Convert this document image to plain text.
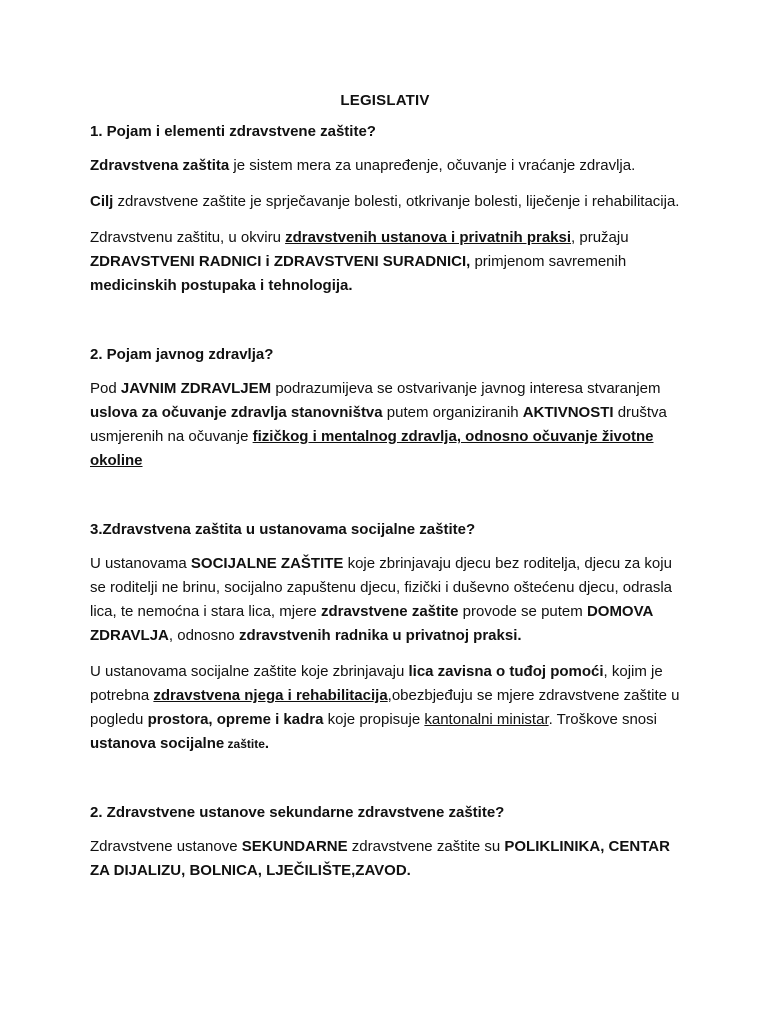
LEGISLATIV
1. Pojam i elementi zdravstvene zaštite?

Zdravstvena zaštita je sistem mera za unapređenje, očuvanje i vraćanje zdravlja.

Cilj zdravstvene zaštite je sprječavanje bolesti, otkrivanje bolesti, liječenje i rehabilitacija.

Zdravstvenu zaštitu, u okviru zdravstvenih ustanova i privatnih praksi, pružaju ZDRAVSTVENI RADNICI i ZDRAVSTVENI SURADNICI, primjenom savremenih medicinskih postupaka i tehnologija.

2. Pojam javnog zdravlja?

Pod JAVNIM ZDRAVLJEM podrazumijeva se ostvarivanje javnog interesa stvaranjem uslova za očuvanje zdravlja stanovništva putem organiziranih AKTIVNOSTI društva usmjerenih na očuvanje fizičkog i mentalnog zdravlja, odnosno očuvanje životne okoline

3.Zdravstvena zaštita u ustanovama socijalne zaštite?

U ustanovama SOCIJALNE ZAŠTITE koje zbrinjavaju djecu bez roditelja, djecu za koju se roditelji ne brinu, socijalno zapuštenu djecu, fizički i duševno oštećenu djecu, odrasla lica, te nemoćna i stara lica, mjere zdravstvene zaštite provode se putem DOMOVA ZDRAVLJA, odnosno zdravstvenih radnika u privatnoj praksi.

U ustanovama socijalne zaštite koje zbrinjavaju lica zavisna o tuđoj pomoći, kojim je potrebna zdravstvena njega i rehabilitacija,obezbjeđuju se mjere zdravstvene zaštite u pogledu prostora, opreme i kadra koje propisuje kantonalni ministar. Troškove snosi ustanova socijalne zaštite.

2. Zdravstvene ustanove sekundarne zdravstvene zaštite?

Zdravstvene ustanove SEKUNDARNE zdravstvene zaštite su POLIKLINIKA, CENTAR ZA DIJALIZU, BOLNICA, LJEČILIŠTE,ZAVOD.
